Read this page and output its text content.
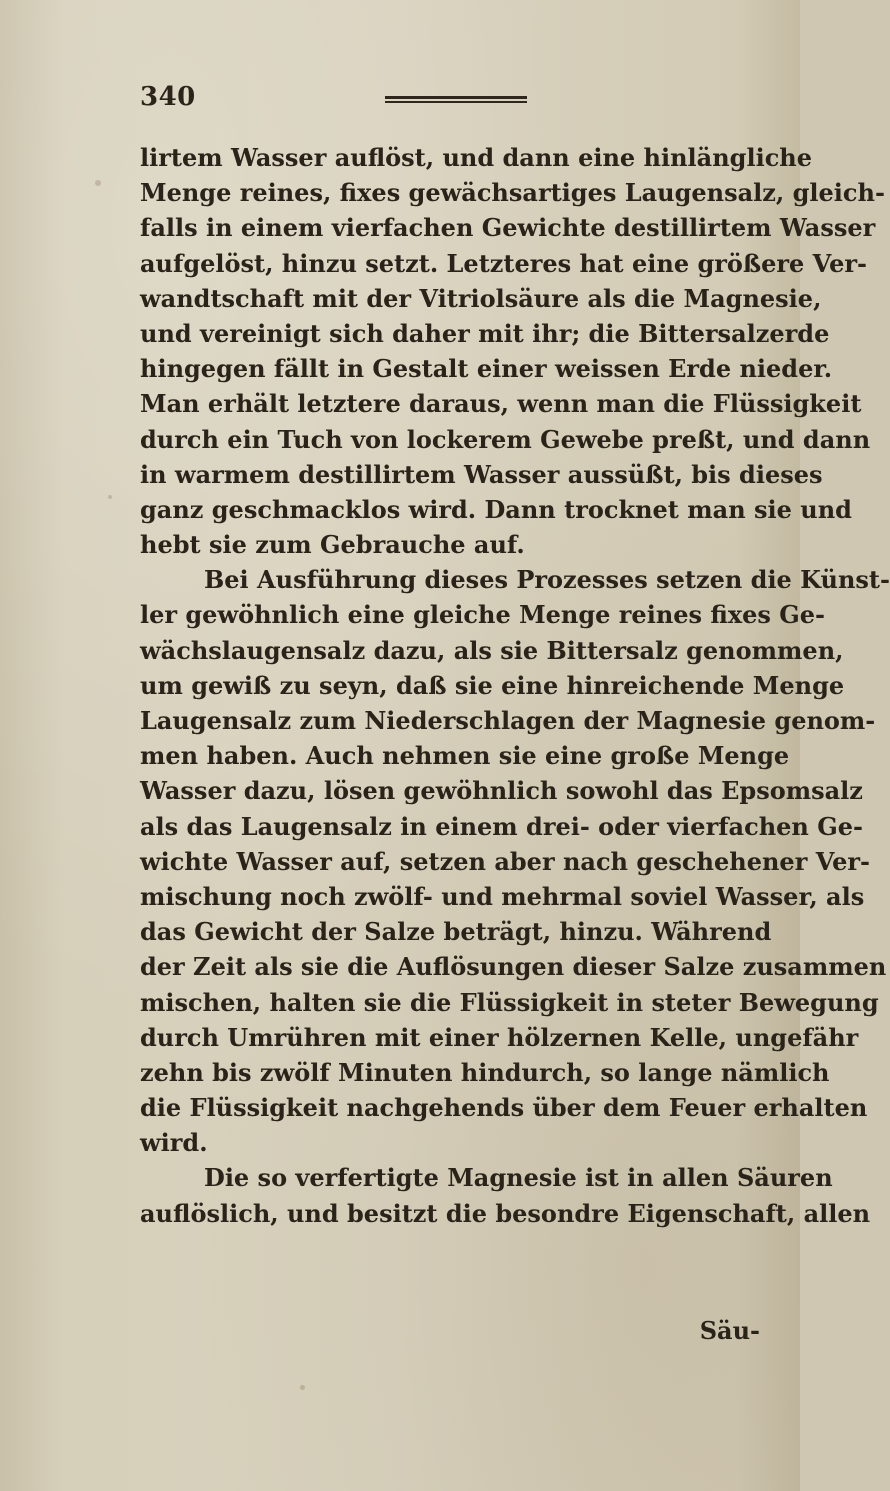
340
lirtem Wasser auflöst, und dann eine hinlängliche
Menge reines, fixes gewächsartiges Laugensalz, gleich-
falls in einem vierfachen Gewichte destillirtem Wasser
aufgelöst, hinzu setzt. Letzteres hat eine größere Ver-
wandtschaft mit der Vitriolsäure als die Magnesie,
und vereinigt sich daher mit ihr; die Bittersalzerde
hingegen fällt in Gestalt einer weissen Erde nieder.
Man erhält letztere daraus, wenn man die Flüssigkeit
durch ein Tuch von lockerem Gewebe preßt, und dann
in warmem destillirtem Wasser aussüßt, bis dieses
ganz geschmacklos wird. Dann trocknet man sie und
hebt sie zum Gebrauche auf.
Bei Ausführung dieses Prozesses setzen die Künst-
ler gewöhnlich eine gleiche Menge reines fixes Ge-
wächslaugensalz dazu, als sie Bittersalz genommen,
um gewiß zu seyn, daß sie eine hinreichende Menge
Laugensalz zum Niederschlagen der Magnesie genom-
men haben. Auch nehmen sie eine große Menge
Wasser dazu, lösen gewöhnlich sowohl das Epsomsalz
als das Laugensalz in einem drei- oder vierfachen Ge-
wichte Wasser auf, setzen aber nach geschehener Ver-
mischung noch zwölf- und mehrmal soviel Wasser, als
das Gewicht der Salze beträgt, hinzu. Während
der Zeit als sie die Auflösungen dieser Salze zusammen
mischen, halten sie die Flüssigkeit in steter Bewegung
durch Umrühren mit einer hölzernen Kelle, ungefähr
zehn bis zwölf Minuten hindurch, so lange nämlich
die Flüssigkeit nachgehends über dem Feuer erhalten
wird.
Die so verfertigte Magnesie ist in allen Säuren
auflöslich, und besitzt die besondre Eigenschaft, allen
Säu-
